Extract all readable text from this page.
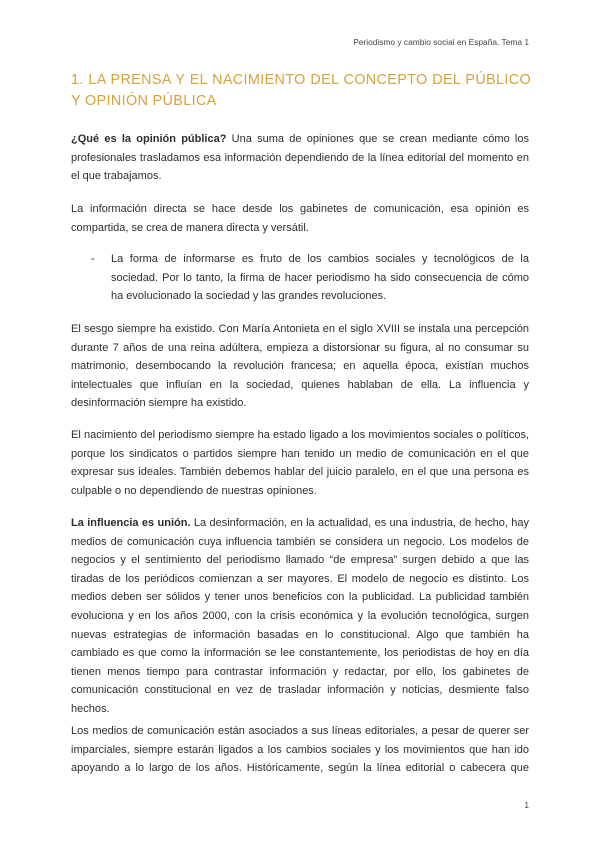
Periodismo y cambio social en España. Tema 1
1. LA PRENSA Y EL NACIMIENTO DEL CONCEPTO DEL PÚBLICO Y OPINIÓN PÚBLICA

¿Qué es la opinión pública? Una suma de opiniones que se crean mediante cómo los profesionales trasladamos esa información dependiendo de la línea editorial del momento en el que trabajamos.

La información directa se hace desde los gabinetes de comunicación, esa opinión es compartida, se crea de manera directa y versátil.

- La forma de informarse es fruto de los cambios sociales y tecnológicos de la sociedad. Por lo tanto, la firma de hacer periodismo ha sido consecuencia de cómo ha evolucionado la sociedad y las grandes revoluciones.

El sesgo siempre ha existido. Con María Antonieta en el siglo XVIII se instala una percepción durante 7 años de una reina adúltera, empieza a distorsionar su figura, al no consumar su matrimonio, desembocando la revolución francesa; en aquella época, existían muchos intelectuales que influían en la sociedad, quienes hablaban de ella. La influencia y desinformación siempre ha existido.

El nacimiento del periodismo siempre ha estado ligado a los movimientos sociales o políticos, porque los sindicatos o partidos siempre han tenido un medio de comunicación en el que expresar sus ideales. También debemos hablar del juicio paralelo, en el que una persona es culpable o no dependiendo de nuestras opiniones.

La influencia es unión. La desinformación, en la actualidad, es una industria, de hecho, hay medios de comunicación cuya influencia también se considera un negocio. Los modelos de negocios y el sentimiento del periodismo llamado “de empresa” surgen debido a que las tiradas de los periódicos comienzan a ser mayores. El modelo de negocio es distinto. Los medios deben ser sólidos y tener unos beneficios con la publicidad. La publicidad también evoluciona y en los años 2000, con la crisis económica y la evolución tecnológica, surgen nuevas estrategias de información basadas en lo constitucional. Algo que también ha cambiado es que como la información se lee constantemente, los periodistas de hoy en día tienen menos tiempo para contrastar información y redactar, por ello, los gabinetes de comunicación constitucional en vez de trasladar información y noticias, desmiente falso hechos.

Los medios de comunicación están asociados a sus líneas editoriales, a pesar de querer ser imparciales, siempre estarán ligados a los cambios sociales y los movimientos que han ido apoyando a lo largo de los años. Históricamente, según la línea editorial o cabecera que

1
